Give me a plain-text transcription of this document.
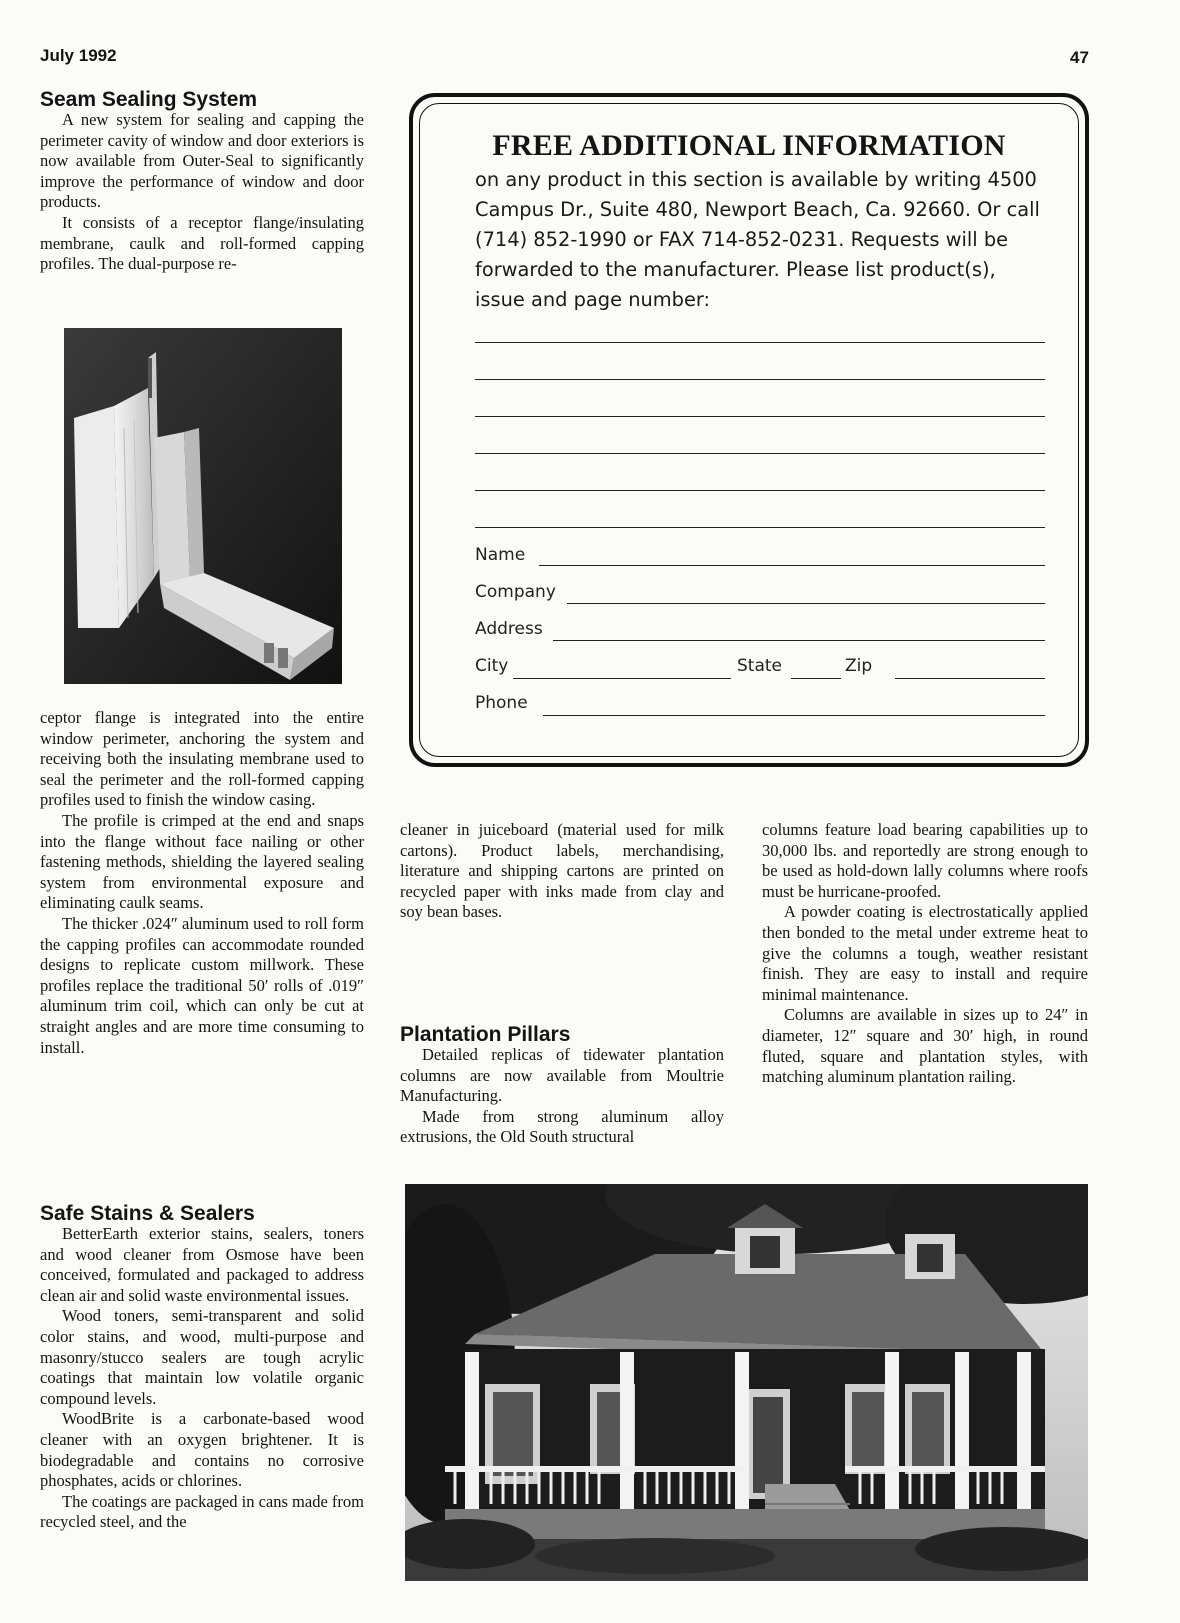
July 1992	47
Seam Sealing System

A new system for sealing and capping the perimeter cavity of window and door exteriors is now available from Outer-Seal to significantly improve the performance of window and door products.

It consists of a receptor flange/insulating membrane, caulk and roll-formed capping profiles. The dual-purpose re-

ceptor flange is integrated into the entire window perimeter, anchoring the system and receiving both the insulating membrane used to seal the perimeter and the roll-formed capping profiles used to finish the window casing.

The profile is crimped at the end and snaps into the flange without face nailing or other fastening methods, shielding the layered sealing system from environmental exposure and eliminating caulk seams.

The thicker .024″ aluminum used to roll form the capping profiles can accommodate rounded designs to replicate custom millwork. These profiles replace the traditional 50′ rolls of .019″ aluminum trim coil, which can only be cut at straight angles and are more time consuming to install.

Safe Stains & Sealers

BetterEarth exterior stains, sealers, toners and wood cleaner from Osmose have been conceived, formulated and packaged to address clean air and solid waste environmental issues.

Wood toners, semi-transparent and solid color stains, and wood, multi-purpose and masonry/stucco sealers are tough acrylic coatings that maintain low volatile organic compound levels.

WoodBrite is a carbonate-based wood cleaner with an oxygen brightener. It is biodegradable and contains no corrosive phosphates, acids or chlorines.

The coatings are packaged in cans made from recycled steel, and the

FREE ADDITIONAL INFORMATION
on any product in this section is available by writing 4500 Campus Dr., Suite 480, Newport Beach, Ca. 92660. Or call (714) 852-1990 or FAX 714-852-0231. Requests will be forwarded to the manufacturer. Please list product(s), issue and page number:
Name
Company
Address
City	State	Zip
Phone
cleaner in juiceboard (material used for milk cartons). Product labels, merchandising, literature and shipping cartons are printed on recycled paper with inks made from clay and soy bean bases.
Plantation Pillars

Detailed replicas of tidewater plantation columns are now available from Moultrie Manufacturing.

Made from strong aluminum alloy extrusions, the Old South structural

columns feature load bearing capabilities up to 30,000 lbs. and reportedly are strong enough to be used as hold-down lally columns where roofs must be hurricane-proofed.

A powder coating is electrostatically applied then bonded to the metal under extreme heat to give the columns a tough, weather resistant finish. They are easy to install and require minimal maintenance.

Columns are available in sizes up to 24″ in diameter, 12″ square and 30′ high, in round fluted, square and plantation styles, with matching aluminum plantation railing.
